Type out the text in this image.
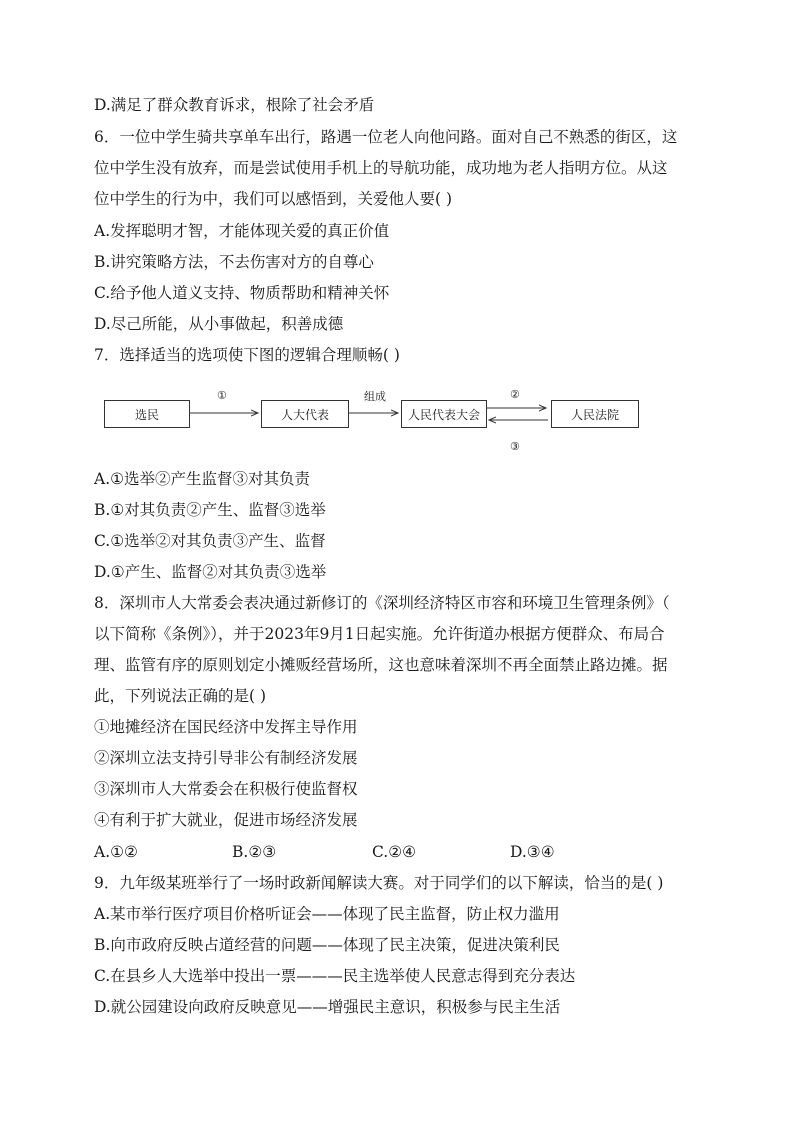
D.满足了群众教育诉求，根除了社会矛盾
6．一位中学生骑共享单车出行，路遇一位老人向他问路。面对自己不熟悉的街区，这
位中学生没有放弃，而是尝试使用手机上的导航功能，成功地为老人指明方位。从这
位中学生的行为中，我们可以感悟到，关爱他人要( )
A.发挥聪明才智，才能体现关爱的真正价值
B.讲究策略方法，不去伤害对方的自尊心
C.给予他人道义支持、物质帮助和精神关怀
D.尽己所能，从小事做起，积善成德
7．选择适当的选项使下图的逻辑合理顺畅( )
选民	人大代表	人民代表大会	人民法院
①	组成	②
③
A.①选举②产生监督③对其负责
B.①对其负责②产生、监督③选举
C.①选举②对其负责③产生、监督
D.①产生、监督②对其负责③选举
8．深圳市人大常委会表决通过新修订的《深圳经济特区市容和环境卫生管理条例》（
以下简称《条例》），并于2023年9月1日起实施。允许街道办根据方便群众、布局合
理、监管有序的原则划定小摊贩经营场所，这也意味着深圳不再全面禁止路边摊。据
此，下列说法正确的是( )
①地摊经济在国民经济中发挥主导作用
②深圳立法支持引导非公有制经济发展
③深圳市人大常委会在积极行使监督权
④有利于扩大就业，促进市场经济发展
A.①②	B.②③	C.②④	D.③④
9．九年级某班举行了一场时政新闻解读大赛。对于同学们的以下解读，恰当的是( )
A.某市举行医疗项目价格听证会——体现了民主监督，防止权力滥用
B.向市政府反映占道经营的问题——体现了民主决策，促进决策利民
C.在县乡人大选举中投出一票———民主选举使人民意志得到充分表达
D.就公园建设向政府反映意见——增强民主意识，积极参与民主生活
